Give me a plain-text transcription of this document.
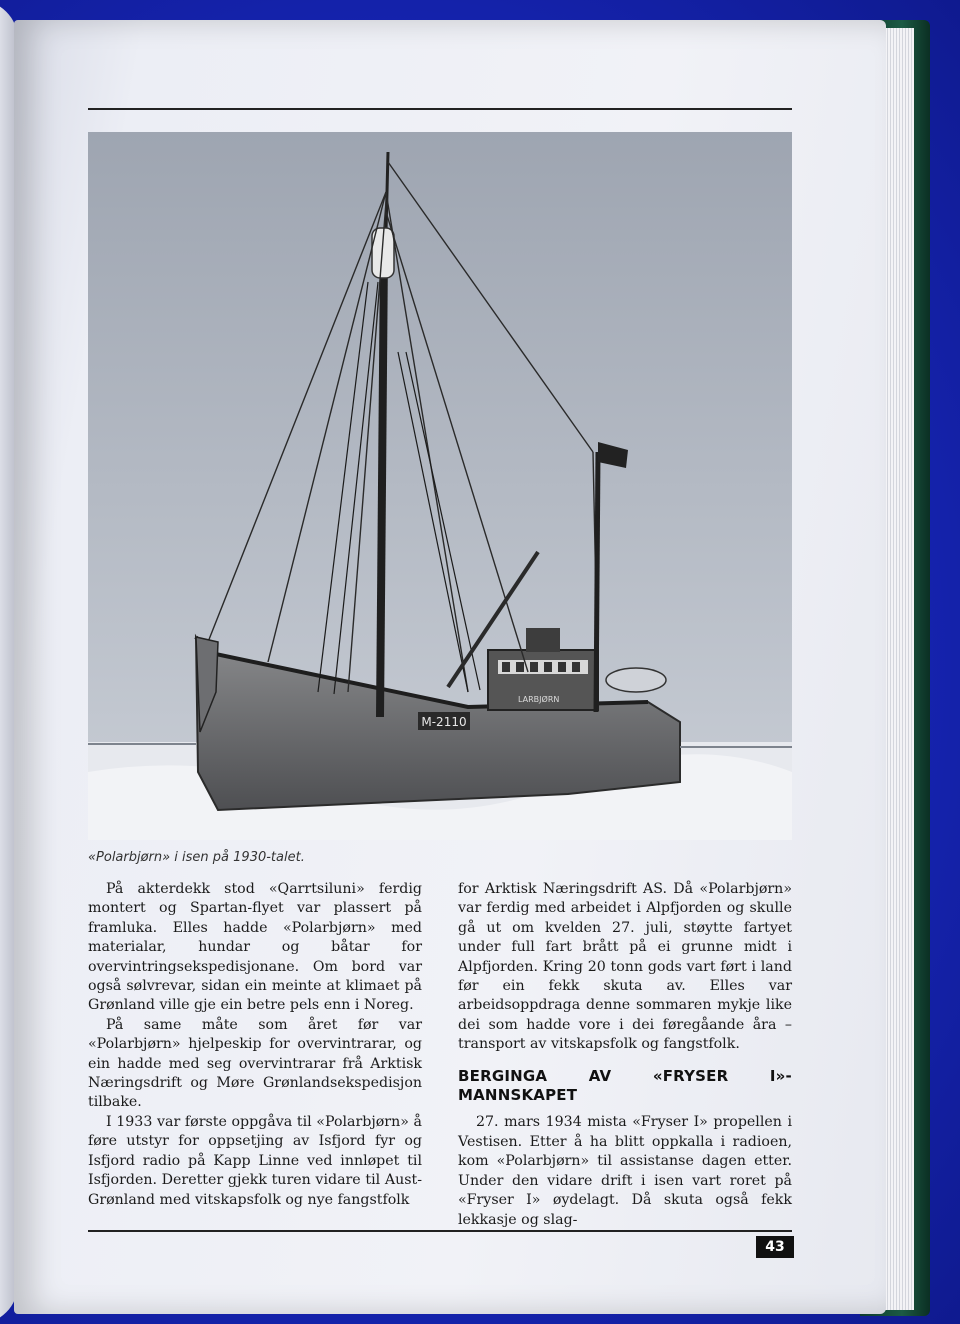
M-2110
LARBJØRN
«Polarbjørn» i isen på 1930-talet.

På akterdekk stod «Qarrtsiluni» ferdig montert og Spartan-flyet var plassert på framluka. Elles hadde «Polarbjørn» med materialar, hundar og båtar for overvintringsekspedisjonane. Om bord var også sølvrevar, sidan ein meinte at klimaet på Grønland ville gje ein betre pels enn i Noreg.

På same måte som året før var «Polarbjørn» hjelpeskip for overvintrarar, og ein hadde med seg overvintrarar frå Arktisk Næringsdrift og Møre Grønlandsekspedisjon tilbake.

I 1933 var første oppgåva til «Polarbjørn» å føre utstyr for oppsetjing av Isfjord fyr og Isfjord radio på Kapp Linne ved innløpet til Isfjorden. Deretter gjekk turen vidare til Aust-Grønland med vitskapsfolk og nye fangstfolk

for Arktisk Næringsdrift AS. Då «Polarbjørn» var ferdig med arbeidet i Alpfjorden og skulle gå ut om kvelden 27. juli, støytte fartyet under full fart brått på ei grunne midt i Alpfjorden. Kring 20 tonn gods vart ført i land før ein fekk skuta av. Elles var arbeidsoppdraga denne sommaren mykje like dei som hadde vore i dei føregåande åra – transport av vitskapsfolk og fangstfolk.

BERGINGA AV «FRYSER I»-MANNSKAPET

27. mars 1934 mista «Fryser I» propellen i Vestisen. Etter å ha blitt oppkalla i radioen, kom «Polarbjørn» til assistanse dagen etter. Under den vidare drift i isen vart roret på «Fryser I» øydelagt. Då skuta også fekk lekkasje og slag-

43
